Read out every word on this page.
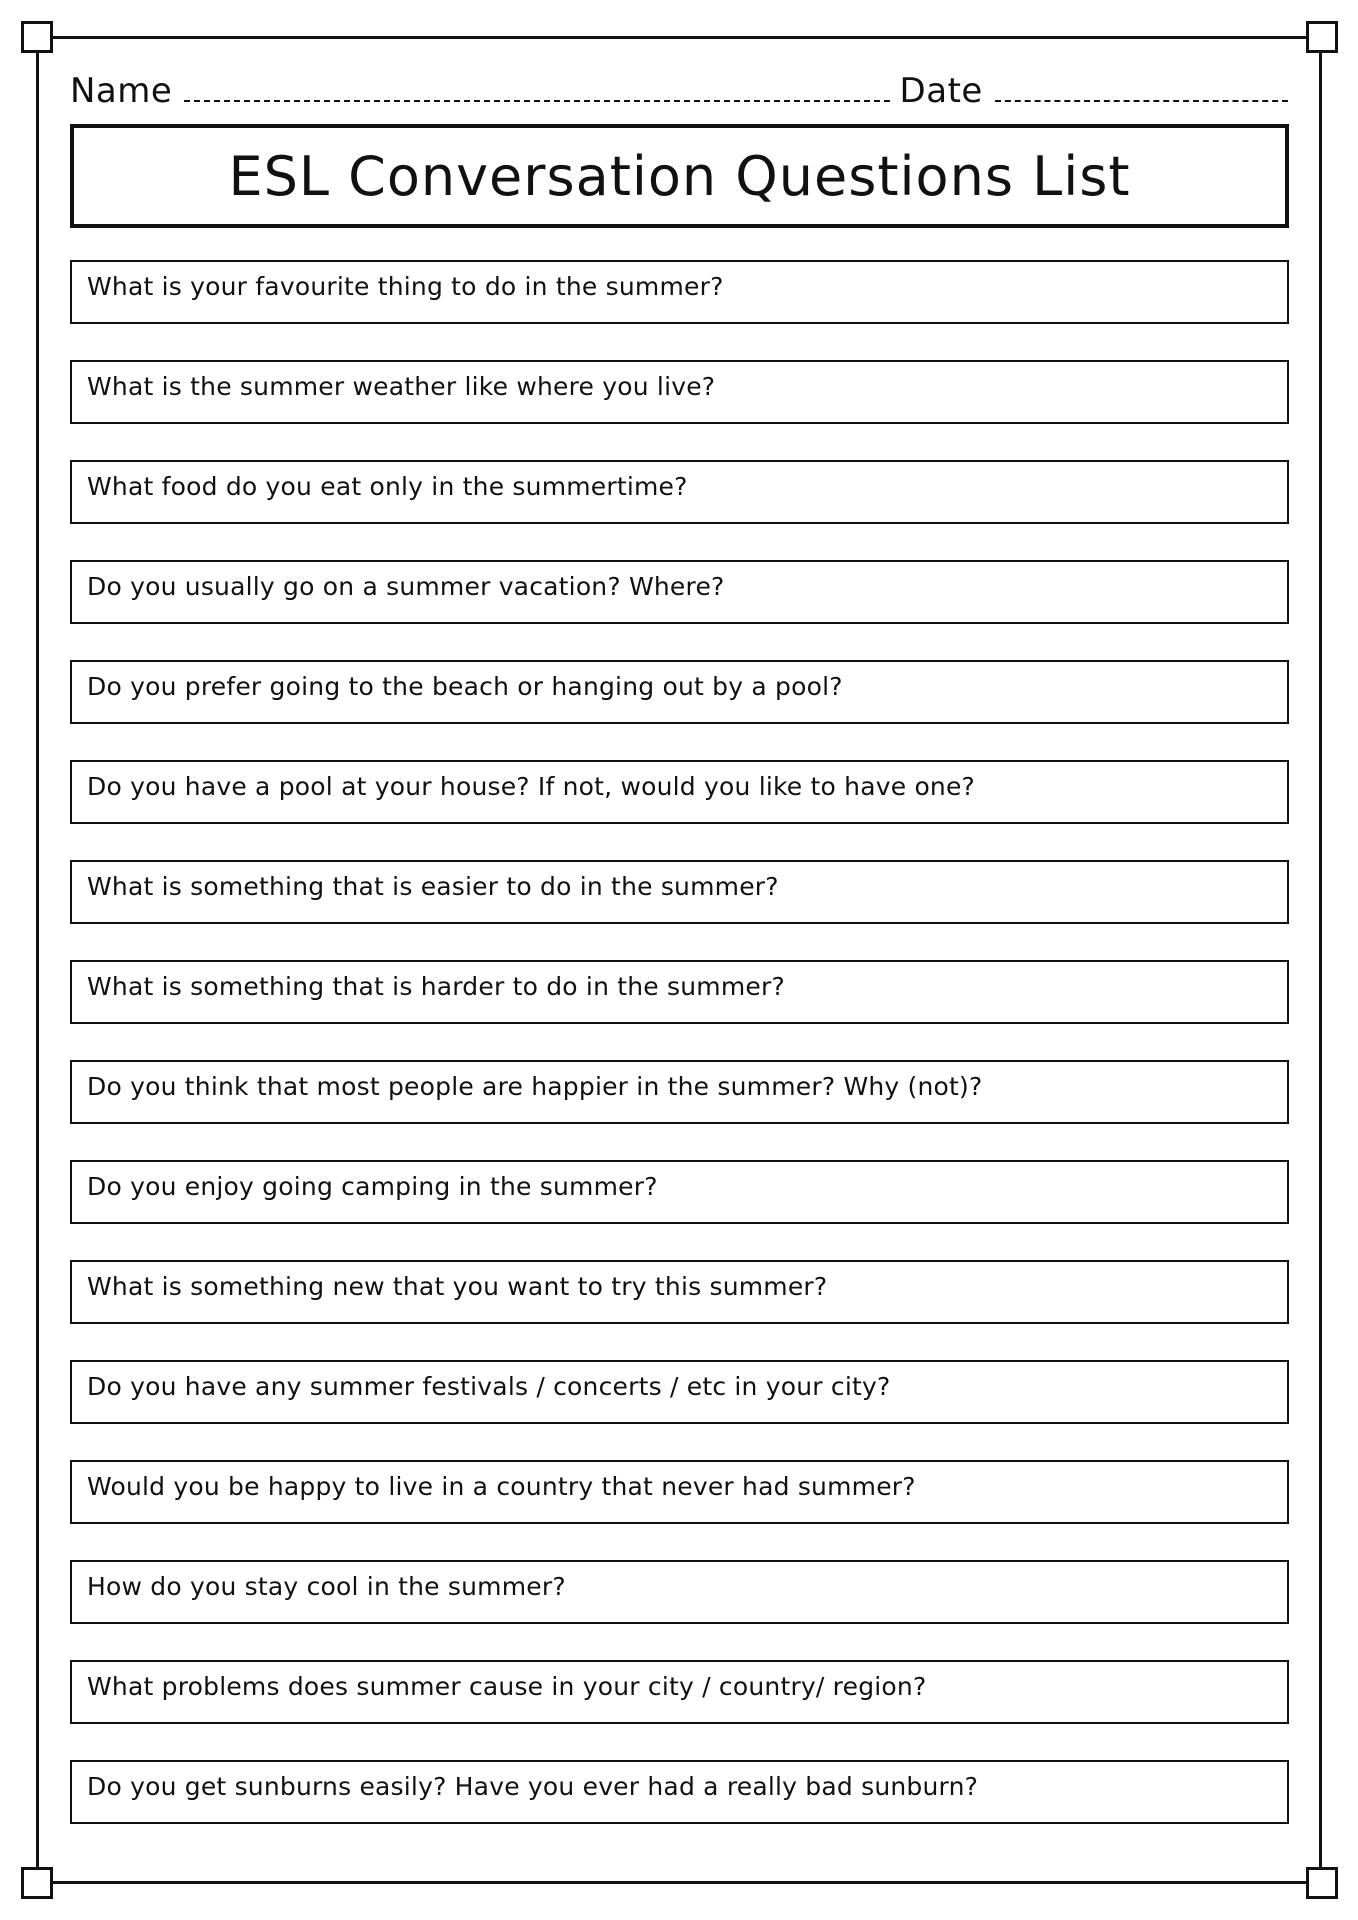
Name	Date
ESL Conversation Questions List
What is your favourite thing to do in the summer?
What is the summer weather like where you live?
What food do you eat only in the summertime?
Do you usually go on a summer vacation? Where?
Do you prefer going to the beach or hanging out by a pool?
Do you have a pool at your house? If not, would you like to have one?
What is something that is easier to do in the summer?
What is something that is harder to do in the summer?
Do you think that most people are happier in the summer? Why (not)?
Do you enjoy going camping in the summer?
What is something new that you want to try this summer?
Do you have any summer festivals / concerts / etc in your city?
Would you be happy to live in a country that never had summer?
How do you stay cool in the summer?
What problems does summer cause in your city / country/ region?
Do you get sunburns easily? Have you ever had a really bad sunburn?
